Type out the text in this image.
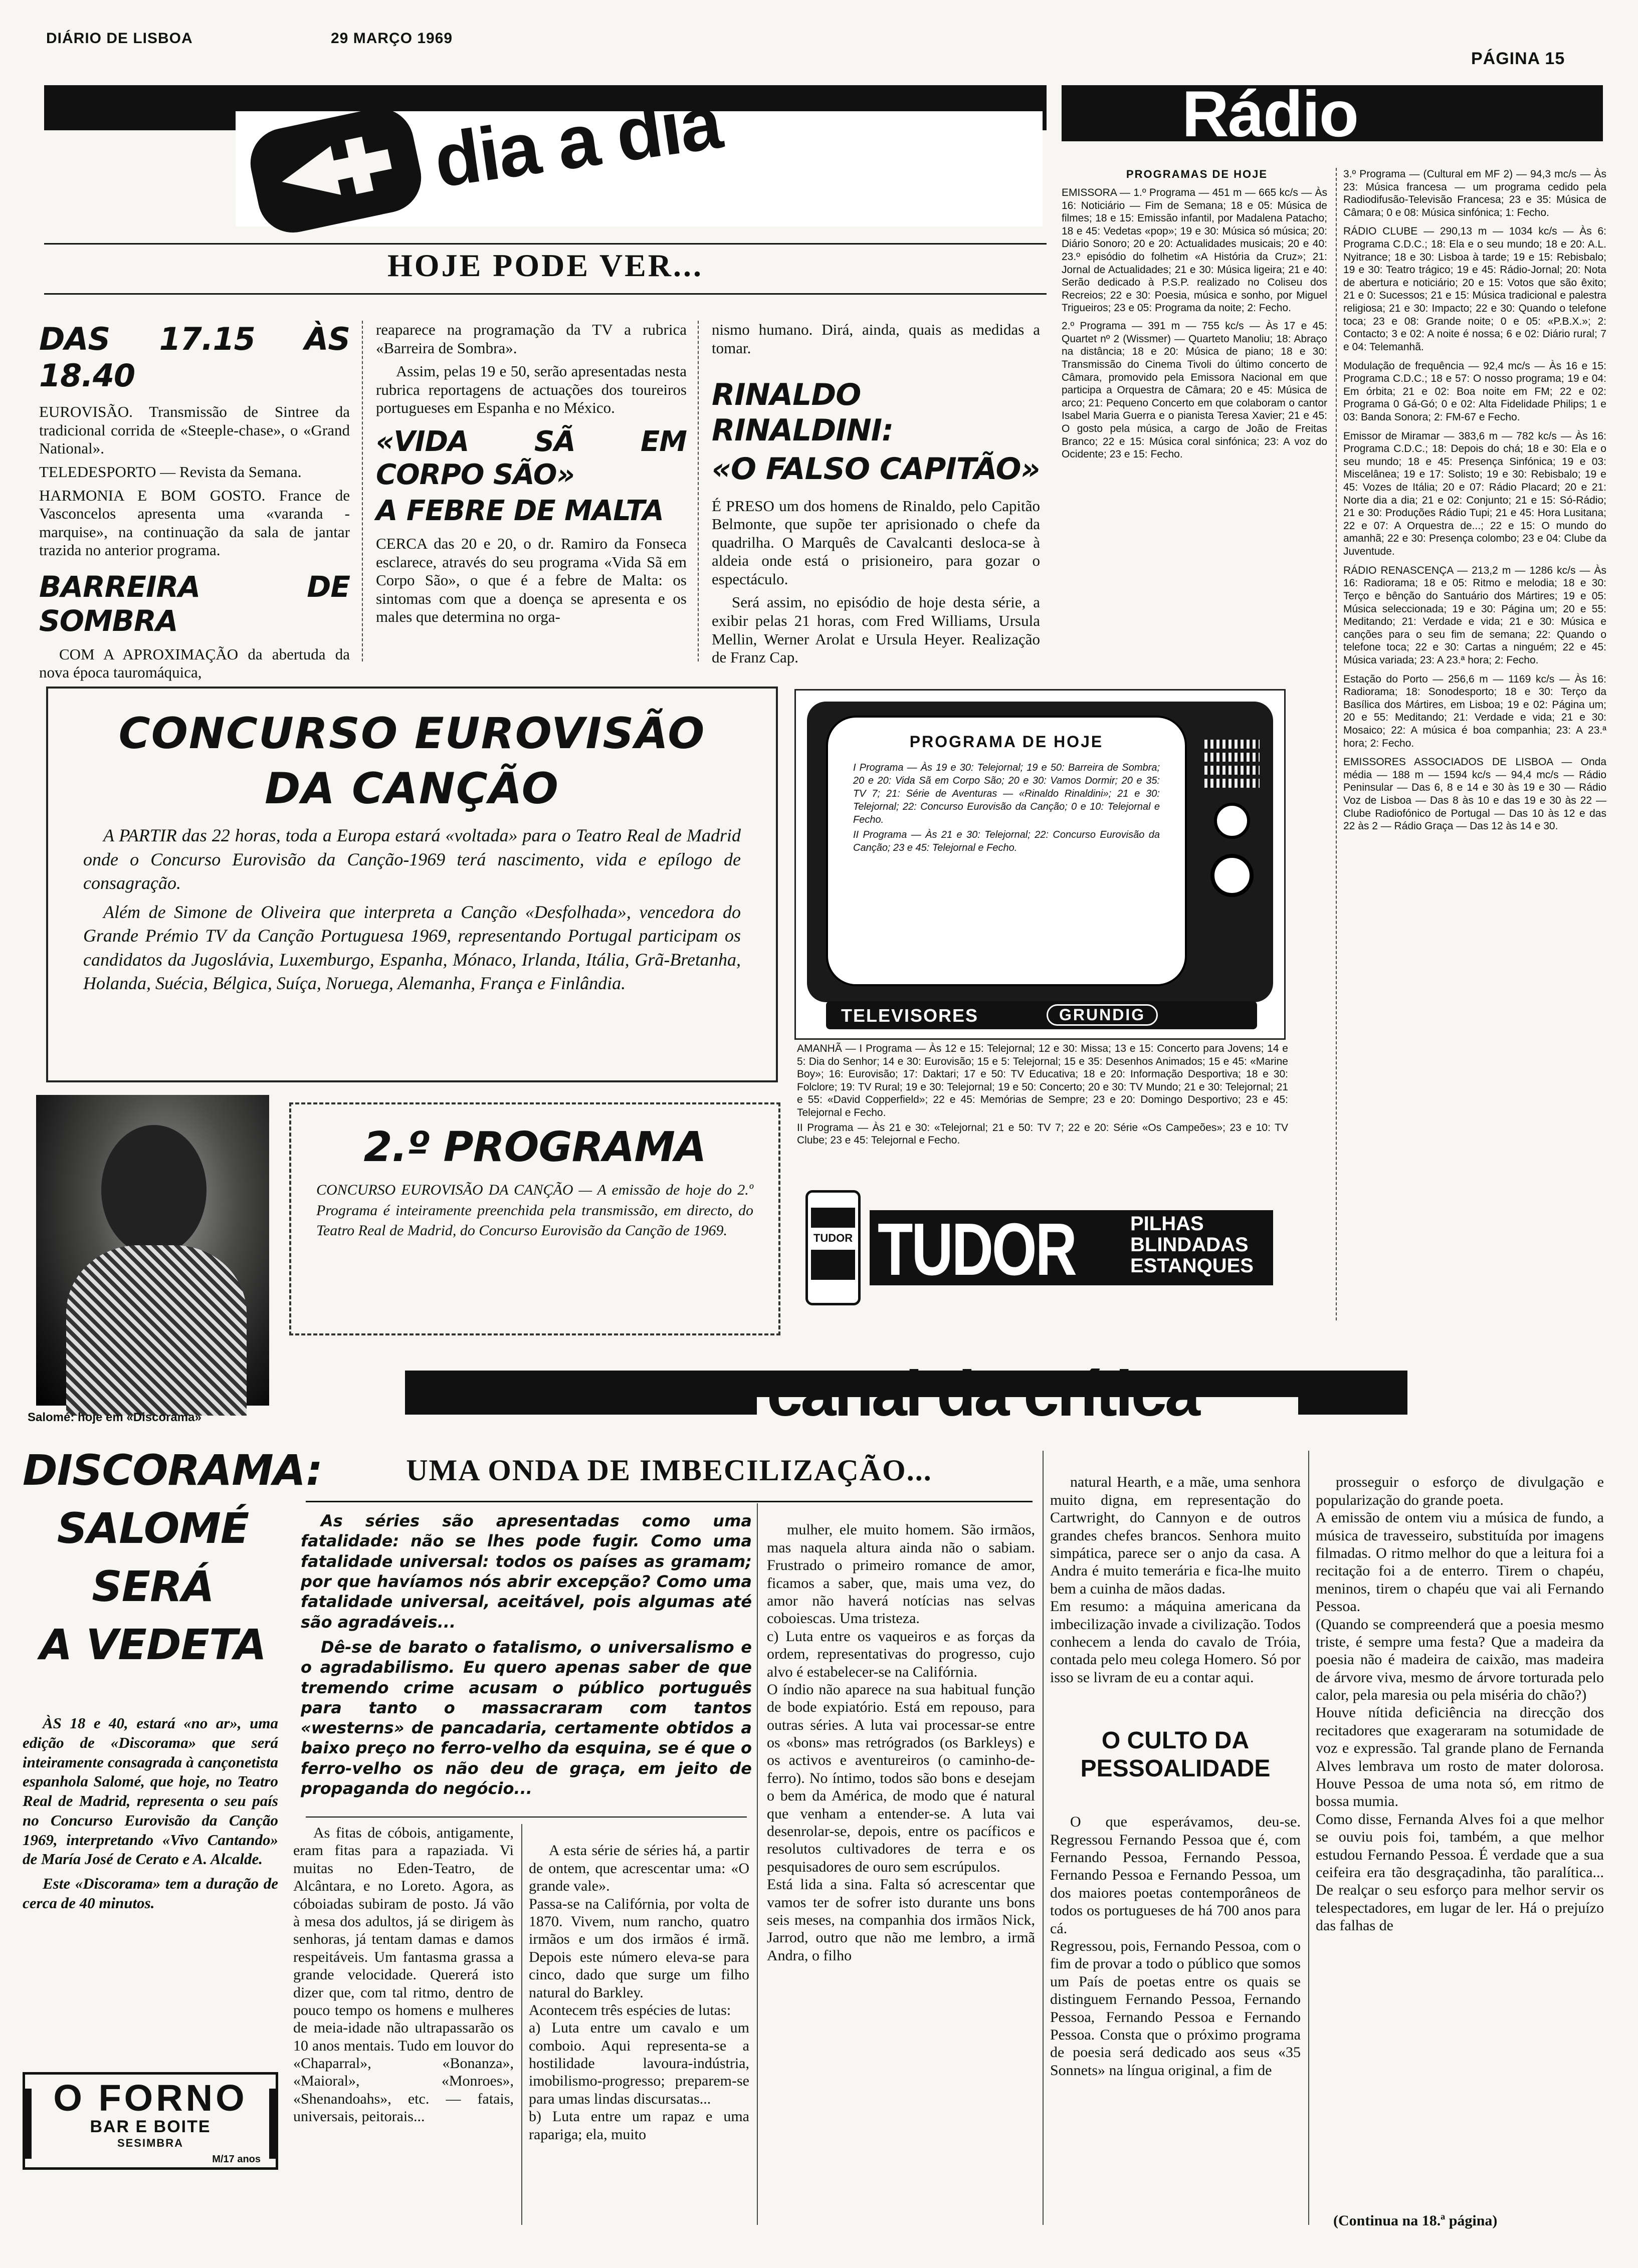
DIÁRIO DE LISBOA	29 MARÇO 1969
PÁGINA 15
dia a dia
HOJE PODE VER...
DAS 17.15 ÀS 18.40

EUROVISÃO. Transmissão de Sintree da tradicional corrida de «Steeple-chase», o «Grand National».

TELEDESPORTO — Revista da Semana.

HARMONIA E BOM GOSTO. France de Vasconcelos apresenta uma «varanda - marquise», na continuação da sala de jantar trazida no anterior programa.

BARREIRA DE SOMBRA

COM A APROXIMAÇÃO da abertuda da nova época tauromáquica,

reaparece na programação da TV a rubrica «Barreira de Sombra».

Assim, pelas 19 e 50, serão apresentadas nesta rubrica reportagens de actuações dos toureiros portugueses em Espanha e no México.

«VIDA SÃ EM CORPO SÃO»
A FEBRE DE MALTA

CERCA das 20 e 20, o dr. Ramiro da Fonseca esclarece, através do seu programa «Vida Sã em Corpo São», o que é a febre de Malta: os sintomas com que a doença se apresenta e os males que determina no orga-

nismo humano. Dirá, ainda, quais as medidas a tomar.

RINALDO RINALDINI:
«O FALSO CAPITÃO»

É PRESO um dos homens de Rinaldo, pelo Capitão Belmonte, que supõe ter aprisionado o chefe da quadrilha. O Marquês de Cavalcanti desloca-se à aldeia onde está o prisioneiro, para gozar o espectáculo.

Será assim, no episódio de hoje desta série, a exibir pelas 21 horas, com Fred Williams, Ursula Mellin, Werner Arolat e Ursula Heyer. Realização de Franz Cap.

CONCURSO EUROVISÃO
DA CANÇÃO

A PARTIR das 22 horas, toda a Europa estará «voltada» para o Teatro Real de Madrid onde o Concurso Eurovisão da Canção-1969 terá nascimento, vida e epílogo de consagração.

Além de Simone de Oliveira que interpreta a Canção «Desfolhada», vencedora do Grande Prémio TV da Canção Portuguesa 1969, representando Portugal participam os candidatos da Jugoslávia, Luxemburgo, Espanha, Mónaco, Irlanda, Itália, Grã-Bretanha, Holanda, Suécia, Bélgica, Suíça, Noruega, Alemanha, França e Finlândia.

Salomé: hoje em «Discorama»
2.º PROGRAMA

CONCURSO EUROVISÃO DA CANÇÃO — A emissão de hoje do 2.º Programa é inteiramente preenchida pela transmissão, em directo, do Teatro Real de Madrid, do Concurso Eurovisão da Canção de 1969.

PROGRAMA DE HOJE

I Programa — Às 19 e 30: Telejornal; 19 e 50: Barreira de Sombra; 20 e 20: Vida Sã em Corpo São; 20 e 30: Vamos Dormir; 20 e 35: TV 7; 21: Série de Aventuras — «Rinaldo Rinaldini»; 21 e 30: Telejornal; 22: Concurso Eurovisão da Canção; 0 e 10: Telejornal e Fecho.

II Programa — Às 21 e 30: Telejornal; 22: Concurso Eurovisão da Canção; 23 e 45: Telejornal e Fecho.

TELEVISORES	GRUNDIG

AMANHÃ — I Programa — Às 12 e 15: Telejornal; 12 e 30: Missa; 13 e 15: Concerto para Jovens; 14 e 5: Dia do Senhor; 14 e 30: Eurovisão; 15 e 5: Telejornal; 15 e 35: Desenhos Animados; 15 e 45: «Marine Boy»; 16: Eurovisão; 17: Daktari; 17 e 50: TV Educativa; 18 e 20: Informação Desportiva; 18 e 30: Folclore; 19: TV Rural; 19 e 30: Telejornal; 19 e 50: Concerto; 20 e 30: TV Mundo; 21 e 30: Telejornal; 21 e 55: «David Copperfield»; 22 e 45: Memórias de Sempre; 23 e 20: Domingo Desportivo; 23 e 45: Telejornal e Fecho.

II Programa — Às 21 e 30: «Telejornal; 21 e 50: TV 7; 22 e 20: Série «Os Campeões»; 23 e 10: TV Clube; 23 e 45: Telejornal e Fecho.

TUDOR TUDOR	PILHAS
BLINDADAS
ESTANQUES
Rádio
PROGRAMAS DE HOJE

EMISSORA — 1.º Programa — 451 m — 665 kc/s — Às 16: Noticiário — Fim de Semana; 18 e 05: Música de filmes; 18 e 15: Emissão infantil, por Madalena Patacho; 18 e 45: Vedetas «pop»; 19 e 30: Música só música; 20: Diário Sonoro; 20 e 20: Actualidades musicais; 20 e 40: 23.º episódio do folhetim «A História da Cruz»; 21: Jornal de Actualidades; 21 e 30: Música ligeira; 21 e 40: Serão dedicado à P.S.P. realizado no Coliseu dos Recreios; 22 e 30: Poesia, música e sonho, por Miguel Trigueiros; 23 e 05: Programa da noite; 2: Fecho.

2.º Programa — 391 m — 755 kc/s — Às 17 e 45: Quartet nº 2 (Wissmer) — Quarteto Manoliu; 18: Abraço na distância; 18 e 20: Música de piano; 18 e 30: Transmissão do Cinema Tivoli do último concerto de Câmara, promovido pela Emissora Nacional em que participa a Orquestra de Câmara; 20 e 45: Música de arco; 21: Pequeno Concerto em que colaboram o cantor Isabel Maria Guerra e o pianista Teresa Xavier; 21 e 45: O gosto pela música, a cargo de João de Freitas Branco; 22 e 15: Música coral sinfónica; 23: A voz do Ocidente; 23 e 15: Fecho.

3.º Programa — (Cultural em MF 2) — 94,3 mc/s — Às 23: Música francesa — um programa cedido pela Radiodifusão-Televisão Francesa; 23 e 35: Música de Câmara; 0 e 08: Música sinfónica; 1: Fecho.

RÁDIO CLUBE — 290,13 m — 1034 kc/s — Às 6: Programa C.D.C.; 18: Ela e o seu mundo; 18 e 20: A.L. Nyitrance; 18 e 30: Lisboa à tarde; 19 e 15: Rebisbalo; 19 e 30: Teatro trágico; 19 e 45: Rádio-Jornal; 20: Nota de abertura e noticiário; 20 e 15: Votos que são êxito; 21 e 0: Sucessos; 21 e 15: Música tradicional e palestra religiosa; 21 e 30: Impacto; 22 e 30: Quando o telefone toca; 23 e 08: Grande noite; 0 e 05: «P.B.X.»; 2: Contacto; 3 e 02: A noite é nossa; 6 e 02: Diário rural; 7 e 04: Telemanhã.

Modulação de frequência — 92,4 mc/s — Às 16 e 15: Programa C.D.C.; 18 e 57: O nosso programa; 19 e 04: Em órbita; 21 e 02: Boa noite em FM; 22 e 02: Programa 0 Gá-Gó; 0 e 02: Alta Fidelidade Philips; 1 e 03: Banda Sonora; 2: FM-67 e Fecho.

Emissor de Miramar — 383,6 m — 782 kc/s — Às 16: Programa C.D.C.; 18: Depois do chá; 18 e 30: Ela e o seu mundo; 18 e 45: Presença Sinfónica; 19 e 03: Miscelânea; 19 e 17: Solisto; 19 e 30: Rebisbalo; 19 e 45: Vozes de Itália; 20 e 07: Rádio Placard; 20 e 21: Norte dia a dia; 21 e 02: Conjunto; 21 e 15: Só-Rádio; 21 e 30: Produções Rádio Tupi; 21 e 45: Hora Lusitana; 22 e 07: A Orquestra de...; 22 e 15: O mundo do amanhã; 22 e 30: Presença colombo; 23 e 04: Clube da Juventude.

RÁDIO RENASCENÇA — 213,2 m — 1286 kc/s — Às 16: Radiorama; 18 e 05: Ritmo e melodia; 18 e 30: Terço e bênção do Santuário dos Mártires; 19 e 05: Música seleccionada; 19 e 30: Página um; 20 e 55: Meditando; 21: Verdade e vida; 21 e 30: Música e canções para o seu fim de semana; 22: Quando o telefone toca; 22 e 30: Cartas a ninguém; 22 e 45: Música variada; 23: A 23.ª hora; 2: Fecho.

Estação do Porto — 256,6 m — 1169 kc/s — Às 16: Radiorama; 18: Sonodesporto; 18 e 30: Terço da Basílica dos Mártires, em Lisboa; 19 e 02: Página um; 20 e 55: Meditando; 21: Verdade e vida; 21 e 30: Mosaico; 22: A música é boa companhia; 23: A 23.ª hora; 2: Fecho.

EMISSORES ASSOCIADOS DE LISBOA — Onda média — 188 m — 1594 kc/s — 94,4 mc/s — Rádio Peninsular — Das 6, 8 e 14 e 30 às 19 e 30 — Rádio Voz de Lisboa — Das 8 às 10 e das 19 e 30 às 22 — Clube Radiofónico de Portugal — Das 10 às 12 e das 22 às 2 — Rádio Graça — Das 12 às 14 e 30.

DISCORAMA:
SALOMÉ
SERÁ
A VEDETA

ÀS 18 e 40, estará «no ar», uma edição de «Discorama» que será inteiramente consagrada à cançonetista espanhola Salomé, que hoje, no Teatro Real de Madrid, representa o seu país no Concurso Eurovisão da Canção 1969, interpretando «Vivo Cantando» de María José de Cerato e A. Alcalde.

Este «Discorama» tem a duração de cerca de 40 minutos.

O FORNO
BAR E BOITE
SESIMBRA
M/17 anos
canal da crítica
UMA ONDA DE IMBECILIZAÇÃO...

As séries são apresentadas como uma fatalidade: não se lhes pode fugir. Como uma fatalidade universal: todos os países as gramam; por que havíamos nós abrir excepção? Como uma fatalidade universal, aceitável, pois algumas até são agradáveis...

Dê-se de barato o fatalismo, o universalismo e o agradabilismo. Eu quero apenas saber de que tremendo crime acusam o público português para tanto o massacraram com tantos «westerns» de pancadaria, certamente obtidos a baixo preço no ferro-velho da esquina, se é que o ferro-velho os não deu de graça, em jeito de propaganda do negócio...

As fitas de cóbois, antigamente, eram fitas para a rapaziada. Vi muitas no Eden-Teatro, de Alcântara, e no Loreto. Agora, as cóboiadas subiram de posto. Já vão à mesa dos adultos, já se dirigem às senhoras, já tentam damas e damos respeitáveis. Um fantasma grassa a grande velocidade. Quererá isto dizer que, com tal ritmo, dentro de pouco tempo os homens e mulheres de meia-idade não ultrapassarão os 10 anos mentais. Tudo em louvor do «Chaparral», «Bonanza», «Maioral», «Monroes», «Shenandoahs», etc. — fatais, universais, peitorais...

A esta série de séries há, a partir de ontem, que acrescentar uma: «O grande vale».
Passa-se na Califórnia, por volta de 1870. Vivem, num rancho, quatro irmãos e um dos irmãos é irmã. Depois este número eleva-se para cinco, dado que surge um filho natural do Barkley.
Acontecem três espécies de lutas:
a) Luta entre um cavalo e um comboio. Aqui representa-se a hostilidade lavoura-indústria, imobilismo-progresso; preparem-se para umas lindas discursatas...
b) Luta entre um rapaz e uma rapariga; ela, muito

mulher, ele muito homem. São irmãos, mas naquela altura ainda não o sabiam. Frustrado o primeiro romance de amor, ficamos a saber, que, mais uma vez, do amor não haverá notícias nas selvas coboiescas. Uma tristeza.
c) Luta entre os vaqueiros e as forças da ordem, representativas do progresso, cujo alvo é estabelecer-se na Califórnia.
O índio não aparece na sua habitual função de bode expiatório. Está em repouso, para outras séries. A luta vai processar-se entre os «bons» mas retrógrados (os Barkleys) e os activos e aventureiros (o caminho-de-ferro). No íntimo, todos são bons e desejam o bem da América, de modo que é natural que venham a entender-se. A luta vai desenrolar-se, depois, entre os pacíficos e resolutos cultivadores de terra e os pesquisadores de ouro sem escrúpulos.
Está lida a sina. Falta só acrescentar que vamos ter de sofrer isto durante uns bons seis meses, na companhia dos irmãos Nick, Jarrod, outro que não me lembro, a irmã Andra, o filho

natural Hearth, e a mãe, uma senhora muito digna, em representação do Cartwright, do Cannyon e de outros grandes chefes brancos. Senhora muito simpática, parece ser o anjo da casa. A Andra é muito temerária e fica-lhe muito bem a cuinha de mãos dadas.
Em resumo: a máquina americana da imbecilização invade a civilização. Todos conhecem a lenda do cavalo de Tróia, contada pelo meu colega Homero. Só por isso se livram de eu a contar aqui.

O CULTO DA PESSOALIDADE

O que esperávamos, deu-se. Regressou Fernando Pessoa que é, com Fernando Pessoa, Fernando Pessoa, Fernando Pessoa e Fernando Pessoa, um dos maiores poetas contemporâneos de todos os portugueses de há 700 anos para cá.
Regressou, pois, Fernando Pessoa, com o fim de provar a todo o público que somos um País de poetas entre os quais se distinguem Fernando Pessoa, Fernando Pessoa, Fernando Pessoa e Fernando Pessoa. Consta que o próximo programa de poesia será dedicado aos seus «35 Sonnets» na língua original, a fim de

prosseguir o esforço de divulgação e popularização do grande poeta.
A emissão de ontem viu a música de fundo, a música de travesseiro, substituída por imagens filmadas. O ritmo melhor do que a leitura foi a recitação foi a de enterro. Tirem o chapéu, meninos, tirem o chapéu que vai ali Fernando Pessoa.
(Quando se compreenderá que a poesia mesmo triste, é sempre uma festa? Que a madeira da poesia não é madeira de caixão, mas madeira de árvore viva, mesmo de árvore torturada pelo calor, pela maresia ou pela miséria do chão?)
Houve nítida deficiência na direcção dos recitadores que exageraram na sotumidade de voz e expressão. Tal grande plano de Fernanda Alves lembrava um rosto de mater dolorosa. Houve Pessoa de uma nota só, em ritmo de bossa mumia.
Como disse, Fernanda Alves foi a que melhor se ouviu pois foi, também, a que melhor estudou Fernando Pessoa. É verdade que a sua ceifeira era tão desgraçadinha, tão paralítica... De realçar o seu esforço para melhor servir os telespectadores, em lugar de ler. Há o prejuízo das falhas de

(Continua na 18.ª página)
